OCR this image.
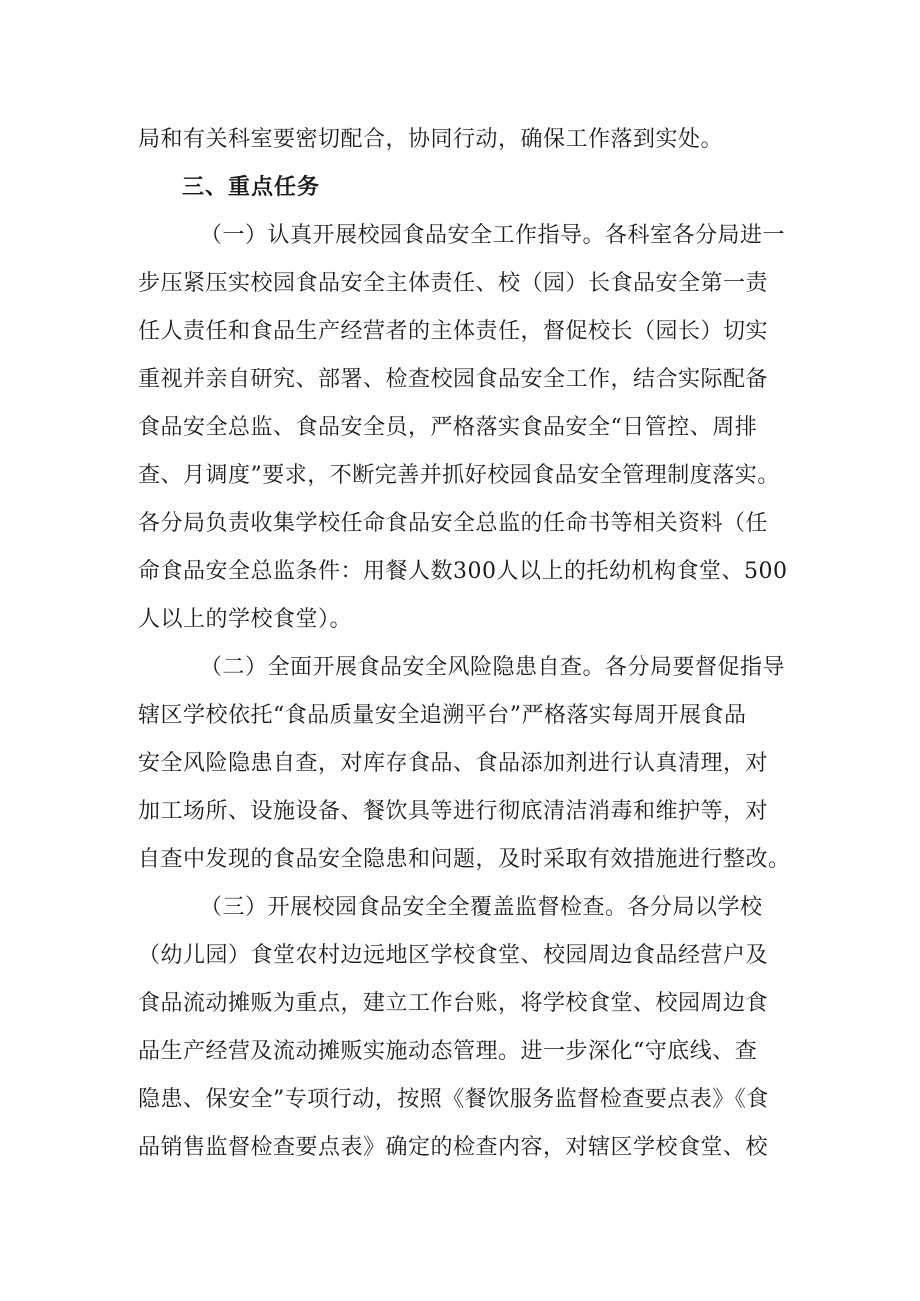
局和有关科室要密切配合，协同行动，确保工作落到实处。
三、重点任务
（一）认真开展校园食品安全工作指导。各科室各分局进一
步压紧压实校园食品安全主体责任、校（园）长食品安全第一责
任人责任和食品生产经营者的主体责任，督促校长（园长）切实
重视并亲自研究、部署、检查校园食品安全工作，结合实际配备
食品安全总监、食品安全员，严格落实食品安全“日管控、周排
查、月调度”要求，不断完善并抓好校园食品安全管理制度落实。
各分局负责收集学校任命食品安全总监的任命书等相关资料（任
命食品安全总监条件：用餐人数300人以上的托幼机构食堂、500
人以上的学校食堂）。
（二）全面开展食品安全风险隐患自查。各分局要督促指导
辖区学校依托“食品质量安全追溯平台”严格落实每周开展食品
安全风险隐患自查，对库存食品、食品添加剂进行认真清理，对
加工场所、设施设备、餐饮具等进行彻底清洁消毒和维护等，对
自查中发现的食品安全隐患和问题，及时采取有效措施进行整改。
（三）开展校园食品安全全覆盖监督检查。各分局以学校
（幼儿园）食堂农村边远地区学校食堂、校园周边食品经营户及
食品流动摊贩为重点，建立工作台账，将学校食堂、校园周边食
品生产经营及流动摊贩实施动态管理。进一步深化“守底线、查
隐患、保安全”专项行动，按照《餐饮服务监督检查要点表》《食
品销售监督检查要点表》确定的检查内容，对辖区学校食堂、校
